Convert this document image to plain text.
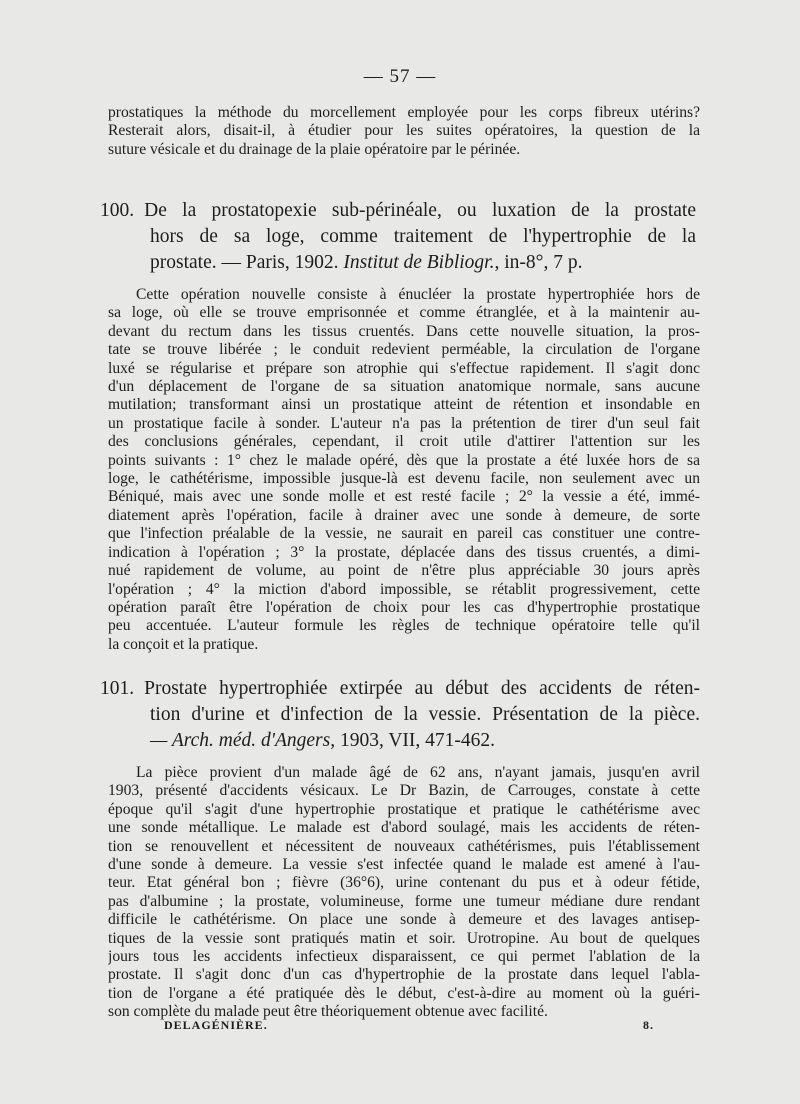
— 57 —

prostatiques la méthode du morcellement employée pour les corps fibreux utérins?
Resterait alors, disait-il, à étudier pour les suites opératoires, la question de la
suture vésicale et du drainage de la plaie opératoire par le périnée.

100. De la prostatopexie sub-périnéale, ou luxation de la prostate
hors de sa loge, comme traitement de l'hypertrophie de la
prostate. — Paris, 1902. Institut de Bibliogr., in-8°, 7 p.

Cette opération nouvelle consiste à énucléer la prostate hypertrophiée hors de
sa loge, où elle se trouve emprisonnée et comme étranglée, et à la maintenir au-
devant du rectum dans les tissus cruentés. Dans cette nouvelle situation, la pros-
tate se trouve libérée ; le conduit redevient perméable, la circulation de l'organe
luxé se régularise et prépare son atrophie qui s'effectue rapidement. Il s'agit donc
d'un déplacement de l'organe de sa situation anatomique normale, sans aucune
mutilation; transformant ainsi un prostatique atteint de rétention et insondable en
un prostatique facile à sonder. L'auteur n'a pas la prétention de tirer d'un seul fait
des conclusions générales, cependant, il croit utile d'attirer l'attention sur les
points suivants : 1° chez le malade opéré, dès que la prostate a été luxée hors de sa
loge, le cathétérisme, impossible jusque-là est devenu facile, non seulement avec un
Béniqué, mais avec une sonde molle et est resté facile ; 2° la vessie a été, immé-
diatement après l'opération, facile à drainer avec une sonde à demeure, de sorte
que l'infection préalable de la vessie, ne saurait en pareil cas constituer une contre-
indication à l'opération ; 3° la prostate, déplacée dans des tissus cruentés, a dimi-
nué rapidement de volume, au point de n'être plus appréciable 30 jours après
l'opération ; 4° la miction d'abord impossible, se rétablit progressivement, cette
opération paraît être l'opération de choix pour les cas d'hypertrophie prostatique
peu accentuée. L'auteur formule les règles de technique opératoire telle qu'il
la conçoit et la pratique.

101. Prostate hypertrophiée extirpée au début des accidents de réten-
tion d'urine et d'infection de la vessie. Présentation de la pièce.
— Arch. méd. d'Angers, 1903, VII, 471-462.

La pièce provient d'un malade âgé de 62 ans, n'ayant jamais, jusqu'en avril
1903, présenté d'accidents vésicaux. Le Dr Bazin, de Carrouges, constate à cette
époque qu'il s'agit d'une hypertrophie prostatique et pratique le cathétérisme avec
une sonde métallique. Le malade est d'abord soulagé, mais les accidents de réten-
tion se renouvellent et nécessitent de nouveaux cathétérismes, puis l'établissement
d'une sonde à demeure. La vessie s'est infectée quand le malade est amené à l'au-
teur. Etat général bon ; fièvre (36°6), urine contenant du pus et à odeur fétide,
pas d'albumine ; la prostate, volumineuse, forme une tumeur médiane dure rendant
difficile le cathétérisme. On place une sonde à demeure et des lavages antisep-
tiques de la vessie sont pratiqués matin et soir. Urotropine. Au bout de quelques
jours tous les accidents infectieux disparaissent, ce qui permet l'ablation de la
prostate. Il s'agit donc d'un cas d'hypertrophie de la prostate dans lequel l'abla-
tion de l'organe a été pratiquée dès le début, c'est-à-dire au moment où la guéri-
son complète du malade peut être théoriquement obtenue avec facilité.

DELAGÉNIÈRE.	8.
